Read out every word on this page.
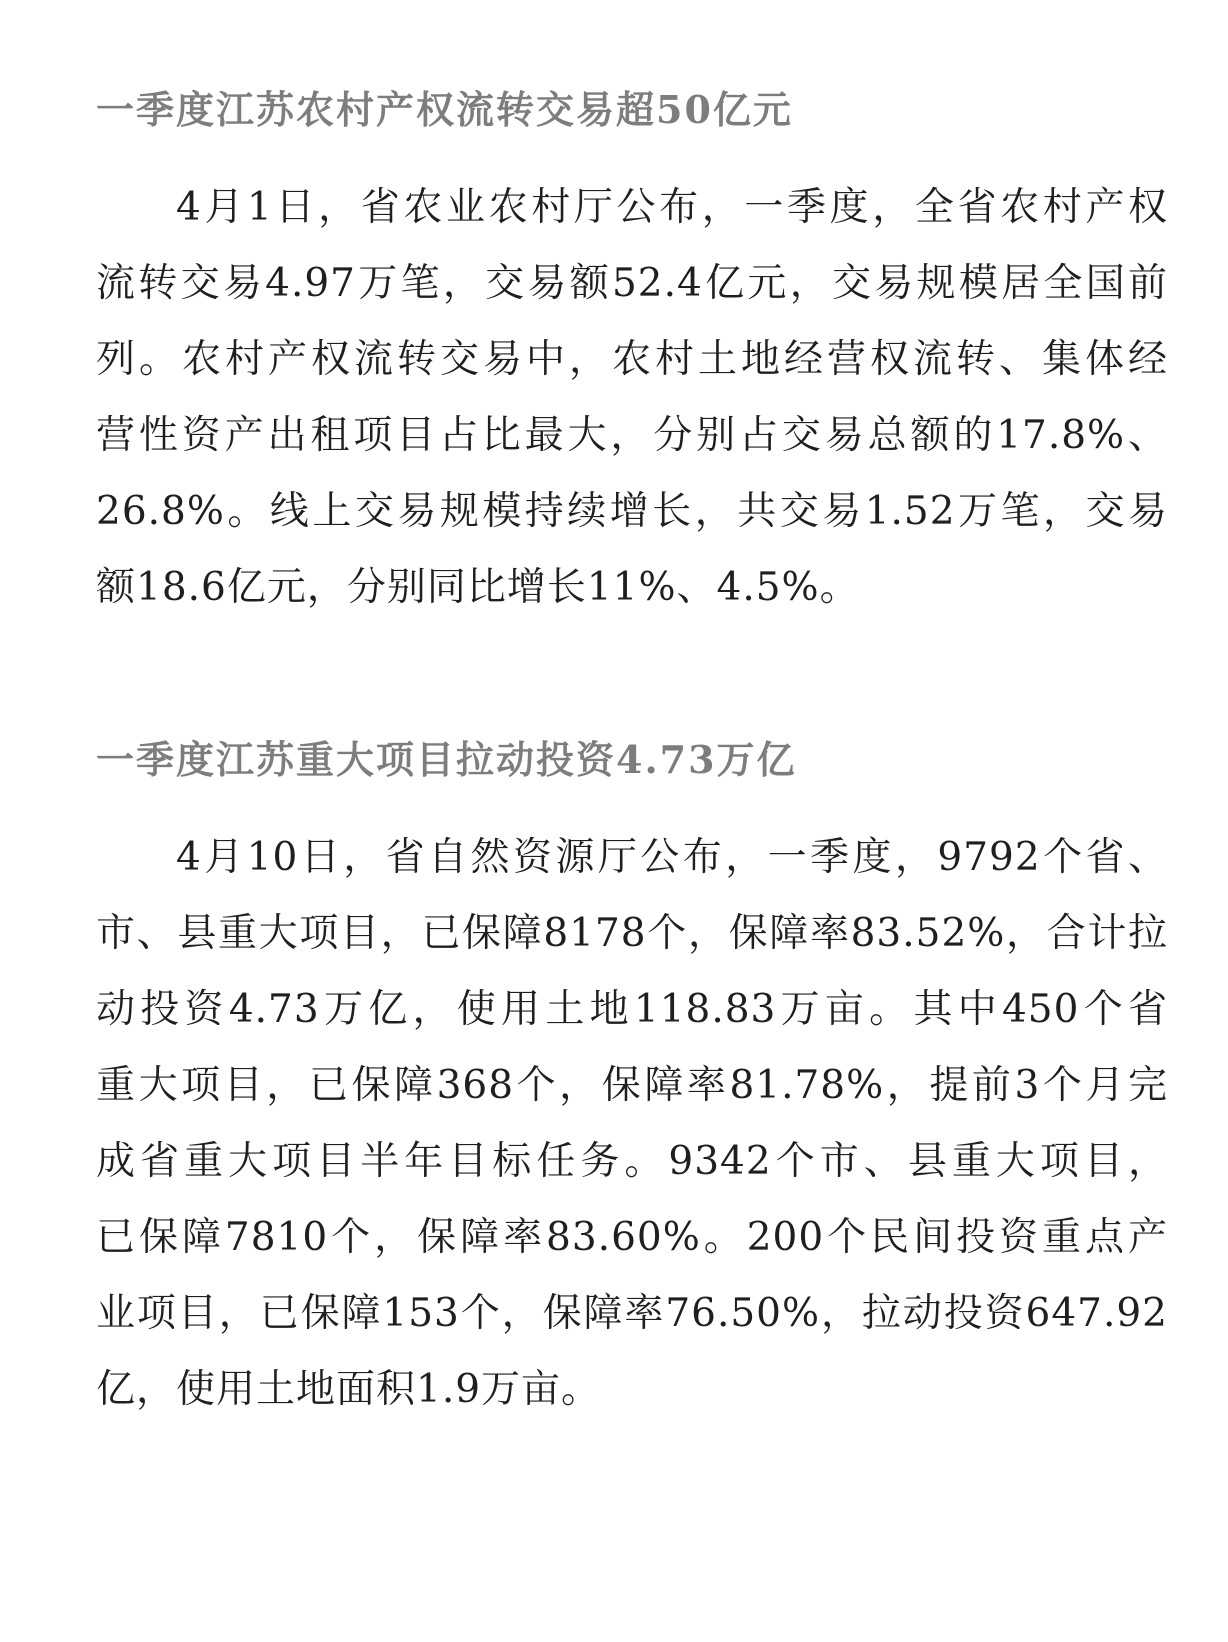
一季度江苏农村产权流转交易超50亿元
4月1日，省农业农村厅公布，一季度，全省农村产权
流转交易4.97万笔，交易额52.4亿元，交易规模居全国前
列。农村产权流转交易中，农村土地经营权流转、集体经
营性资产出租项目占比最大，分别占交易总额的17.8%、
26.8%。线上交易规模持续增长，共交易1.52万笔，交易
额18.6亿元，分别同比增长11%、4.5%。
一季度江苏重大项目拉动投资4.73万亿
4月10日，省自然资源厅公布，一季度，9792个省、
市、县重大项目，已保障8178个，保障率83.52%，合计拉
动投资4.73万亿，使用土地118.83万亩。其中450个省
重大项目，已保障368个，保障率81.78%，提前3个月完
成省重大项目半年目标任务。9342个市、县重大项目，
已保障7810个，保障率83.60%。200个民间投资重点产
业项目，已保障153个，保障率76.50%，拉动投资647.92
亿，使用土地面积1.9万亩。
